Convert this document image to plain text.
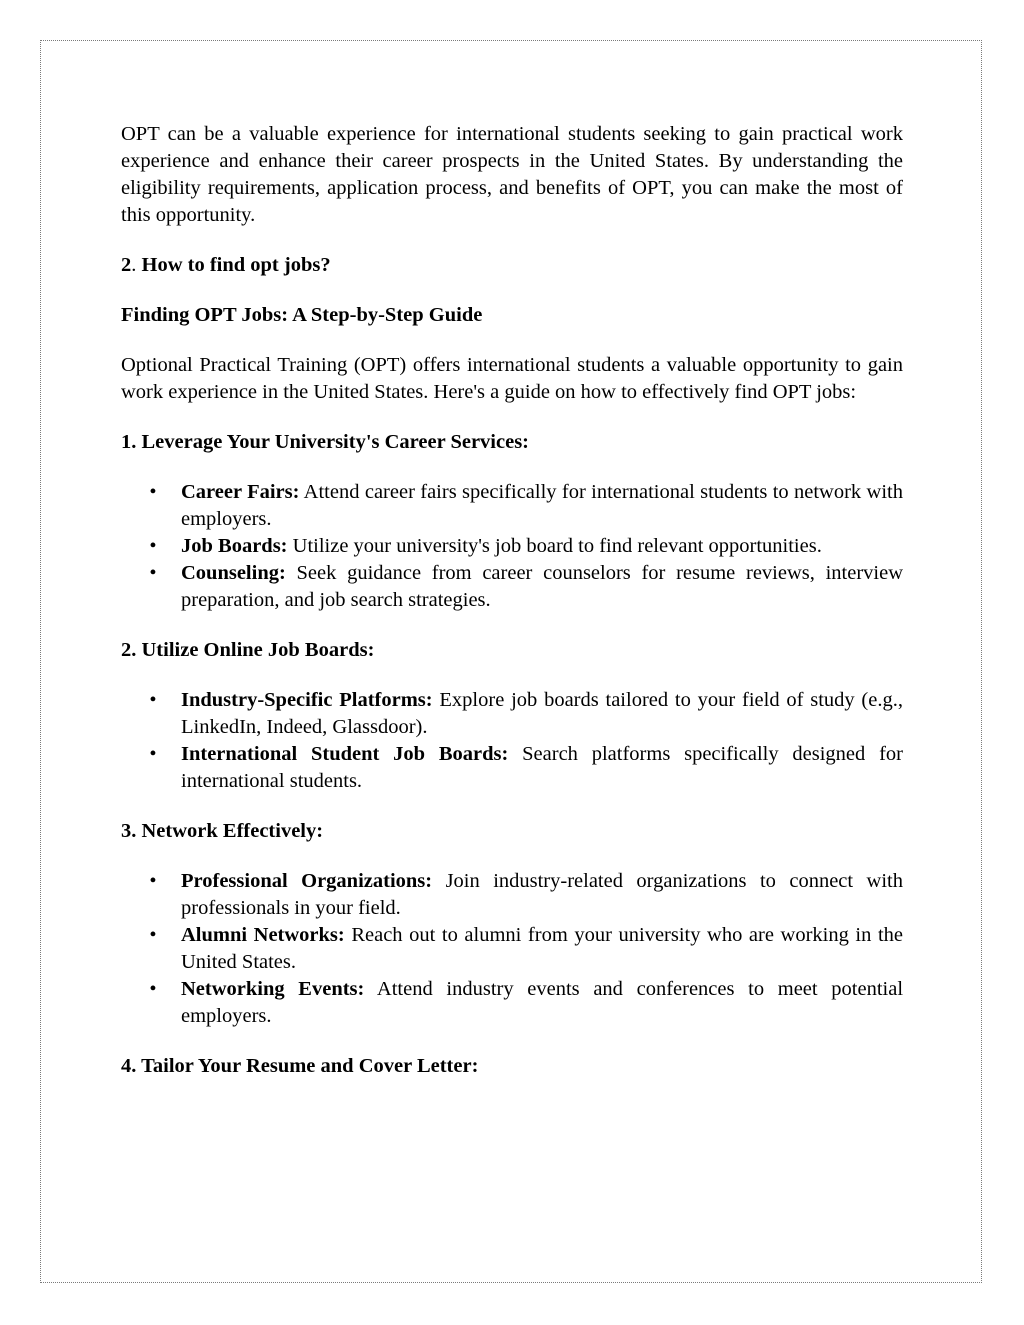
OPT can be a valuable experience for international students seeking to gain practical work experience and enhance their career prospects in the United States. By understanding the eligibility requirements, application process, and benefits of OPT, you can make the most of this opportunity.

2. How to find opt jobs?

Finding OPT Jobs: A Step-by-Step Guide

Optional Practical Training (OPT) offers international students a valuable opportunity to gain work experience in the United States. Here's a guide on how to effectively find OPT jobs:

1. Leverage Your University's Career Services:
• Career Fairs: Attend career fairs specifically for international students to network with employers.
• Job Boards: Utilize your university's job board to find relevant opportunities.
• Counseling: Seek guidance from career counselors for resume reviews, interview preparation, and job search strategies.
2. Utilize Online Job Boards:
• Industry-Specific Platforms: Explore job boards tailored to your field of study (e.g., LinkedIn, Indeed, Glassdoor).
• International Student Job Boards: Search platforms specifically designed for international students.
3. Network Effectively:
• Professional Organizations: Join industry-related organizations to connect with professionals in your field.
• Alumni Networks: Reach out to alumni from your university who are working in the United States.
• Networking Events: Attend industry events and conferences to meet potential employers.
4. Tailor Your Resume and Cover Letter:
